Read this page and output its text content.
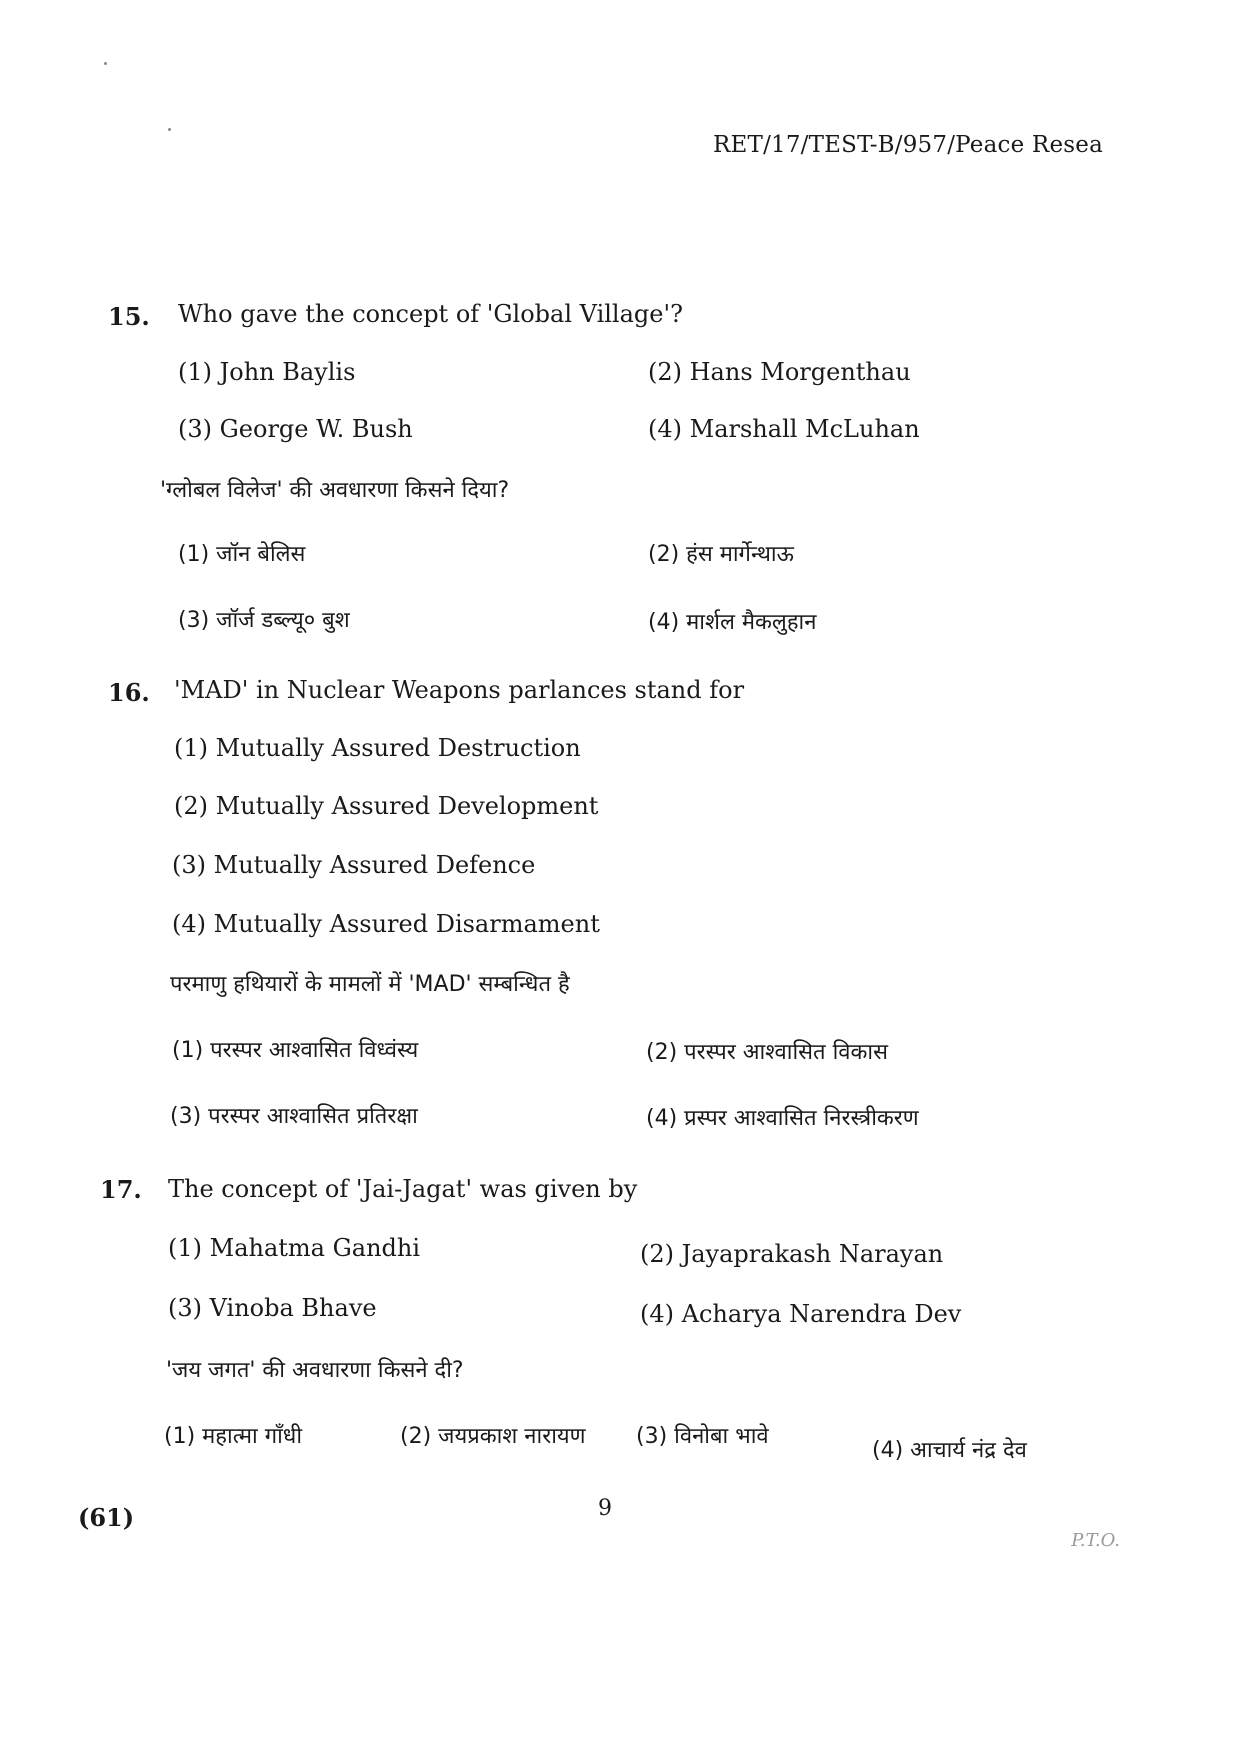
RET/17/TEST-B/957/Peace Resea
15. Who gave the concept of 'Global Village'?
(1) John Baylis	(2) Hans Morgenthau
(3) George W. Bush	(4) Marshall McLuhan
'ग्लोबल विलेज' की अवधारणा किसने दिया?
(1) जॉन बेलिस	(2) हंस मार्गेन्थाऊ
(3) जॉर्ज डब्ल्यू० बुश	(4) मार्शल मैकलुहान
16. 'MAD' in Nuclear Weapons parlances stand for
(1) Mutually Assured Destruction
(2) Mutually Assured Development
(3) Mutually Assured Defence
(4) Mutually Assured Disarmament
परमाणु हथियारों के मामलों में 'MAD' सम्बन्धित है
(1) परस्पर आश्वासित विध्वंस्य	(2) परस्पर आश्वासित विकास
(3) परस्पर आश्वासित प्रतिरक्षा	(4) प्रस्पर आश्वासित निरस्त्रीकरण
17. The concept of 'Jai-Jagat' was given by
(1) Mahatma Gandhi	(2) Jayaprakash Narayan
(3) Vinoba Bhave	(4) Acharya Narendra Dev
'जय जगत' की अवधारणा किसने दी?
(1) महात्मा गाँधी	(2) जयप्रकाश नारायण (3) विनोबा भावे
(4) आचार्य नंद्र देव
(61)	9
P.T.O.
